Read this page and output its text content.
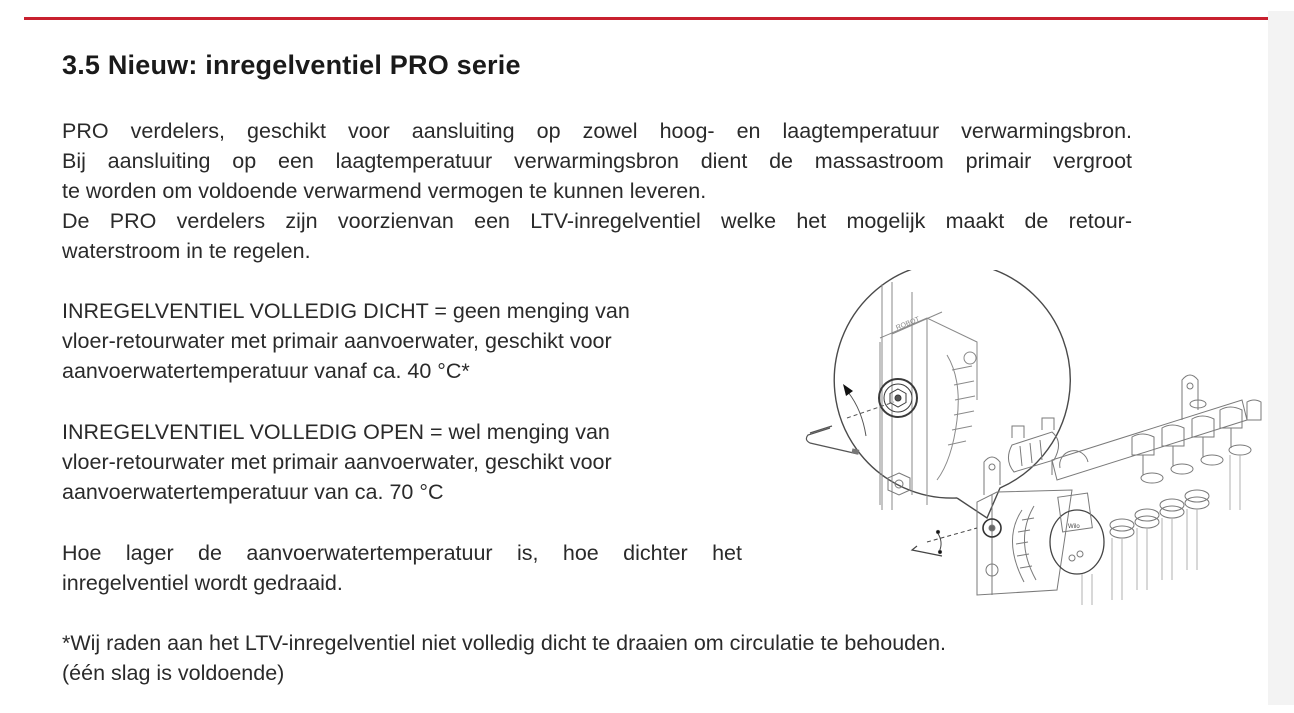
3.5 Nieuw: inregelventiel PRO serie

PRO verdelers, geschikt voor aansluiting op zowel hoog- en laagtemperatuur verwarmingsbron.
Bij aansluiting op een laagtemperatuur verwarmingsbron dient de massastroom primair vergroot
te worden om voldoende verwarmend vermogen te kunnen leveren.
De PRO verdelers zijn voorzienvan een LTV-inregelventiel welke het mogelijk maakt de retour-
waterstroom in te regelen.

INREGELVENTIEL VOLLEDIG DICHT = geen menging van
vloer-retourwater met primair aanvoerwater, geschikt voor
aanvoerwatertemperatuur vanaf ca. 40 °C*

INREGELVENTIEL VOLLEDIG OPEN = wel menging van
vloer-retourwater met primair aanvoerwater, geschikt voor
aanvoerwatertemperatuur van ca. 70 °C

Hoe lager de aanvoerwatertemperatuur is, hoe dichter het
inregelventiel wordt gedraaid.

*Wij raden aan het LTV-inregelventiel niet volledig dicht te draaien om circulatie te behouden.
(één slag is voldoende)

ROBOT
Wilo
